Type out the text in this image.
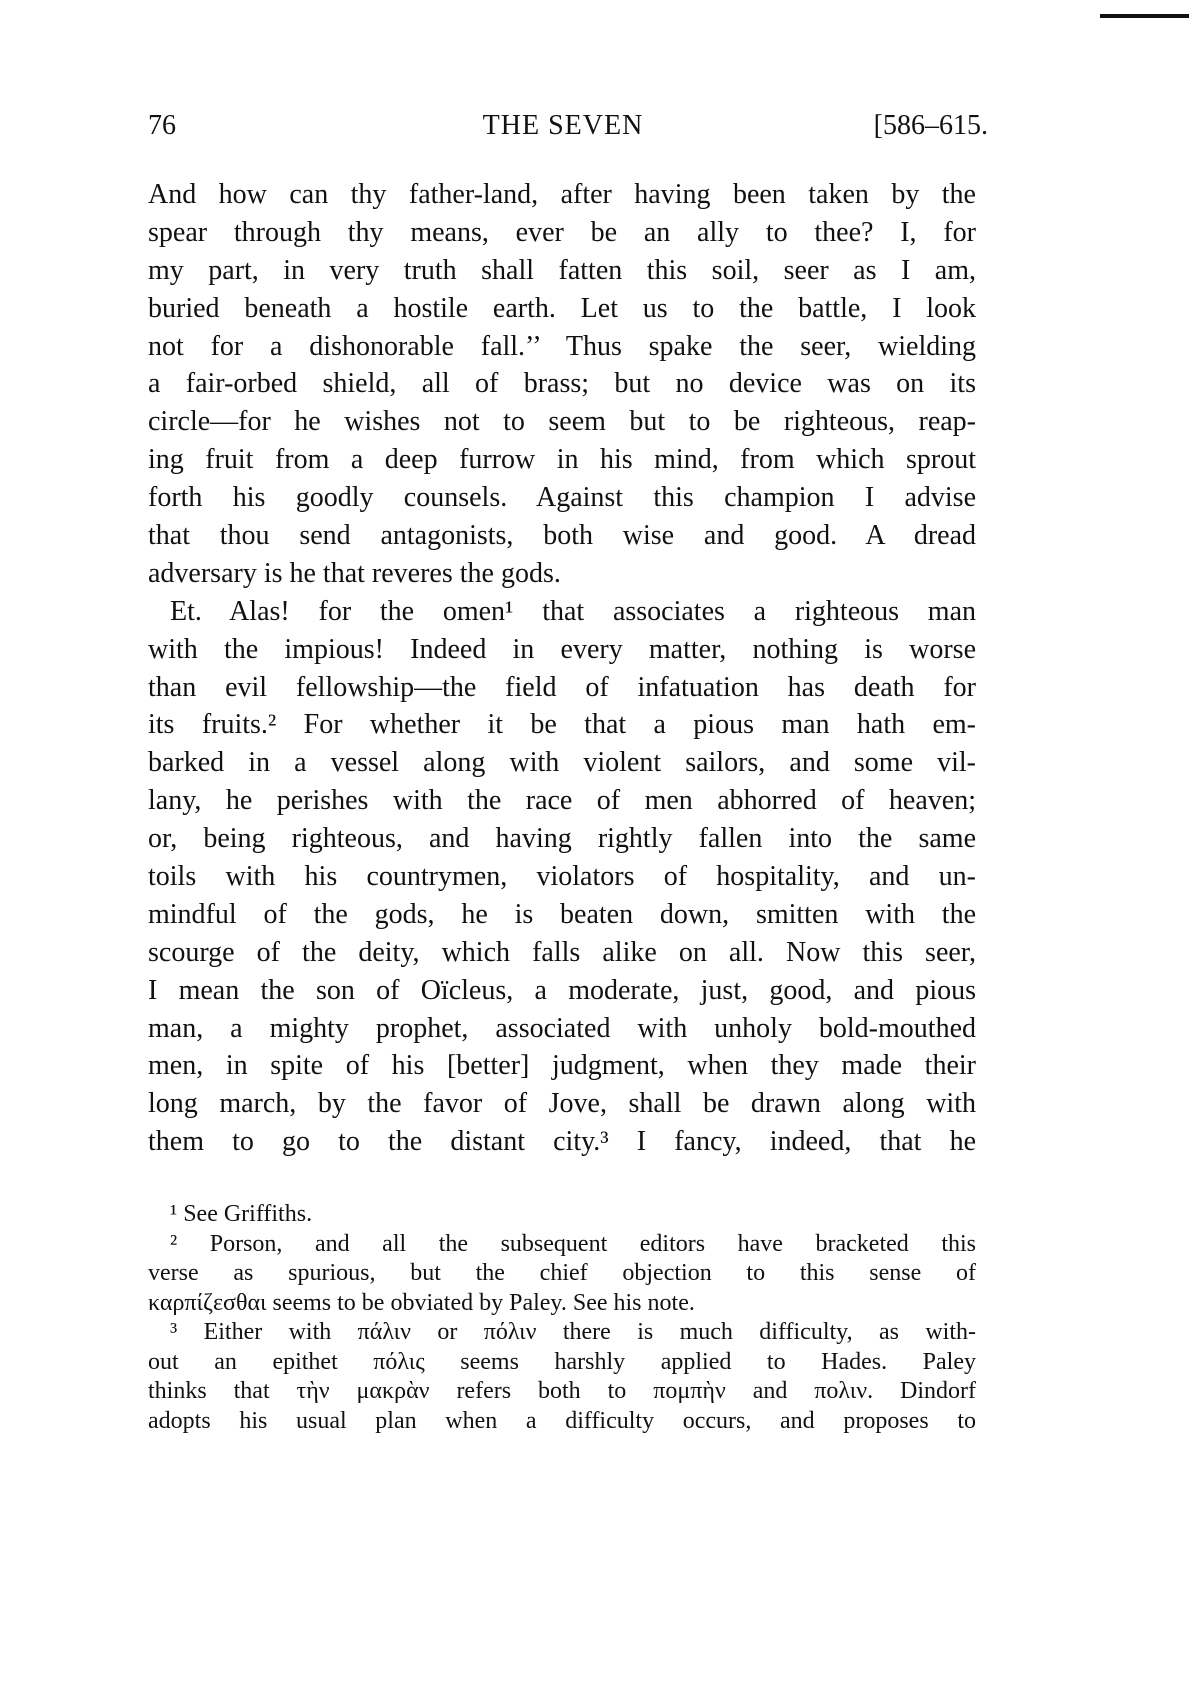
76	THE SEVEN	[586–615.
And how can thy father-land, after having been taken by the
spear through thy means, ever be an ally to thee? I, for
my part, in very truth shall fatten this soil, seer as I am,
buried beneath a hostile earth. Let us to the battle, I look
not for a dishonorable fall.’’ Thus spake the seer, wielding
a fair-orbed shield, all of brass; but no device was on its
circle—for he wishes not to seem but to be righteous, reap-
ing fruit from a deep furrow in his mind, from which sprout
forth his goodly counsels. Against this champion I advise
that thou send antagonists, both wise and good. A dread
adversary is he that reveres the gods.
Et. Alas! for the omen¹ that associates a righteous man
with the impious! Indeed in every matter, nothing is worse
than evil fellowship—the field of infatuation has death for
its fruits.² For whether it be that a pious man hath em-
barked in a vessel along with violent sailors, and some vil-
lany, he perishes with the race of men abhorred of heaven;
or, being righteous, and having rightly fallen into the same
toils with his countrymen, violators of hospitality, and un-
mindful of the gods, he is beaten down, smitten with the
scourge of the deity, which falls alike on all. Now this seer,
I mean the son of Oïcleus, a moderate, just, good, and pious
man, a mighty prophet, associated with unholy bold-mouthed
men, in spite of his [better] judgment, when they made their
long march, by the favor of Jove, shall be drawn along with
them to go to the distant city.³ I fancy, indeed, that he
¹ See Griffiths.
² Porson, and all the subsequent editors have bracketed this
verse as spurious, but the chief objection to this sense of
καρπίζεσθαι seems to be obviated by Paley. See his note.
³ Either with πάλιν or πόλιν there is much difficulty, as with-
out an epithet πόλις seems harshly applied to Hades. Paley
thinks that τὴν μακρὰν refers both to πομπὴν and πολιν. Dindorf
adopts his usual plan when a difficulty occurs, and proposes to
